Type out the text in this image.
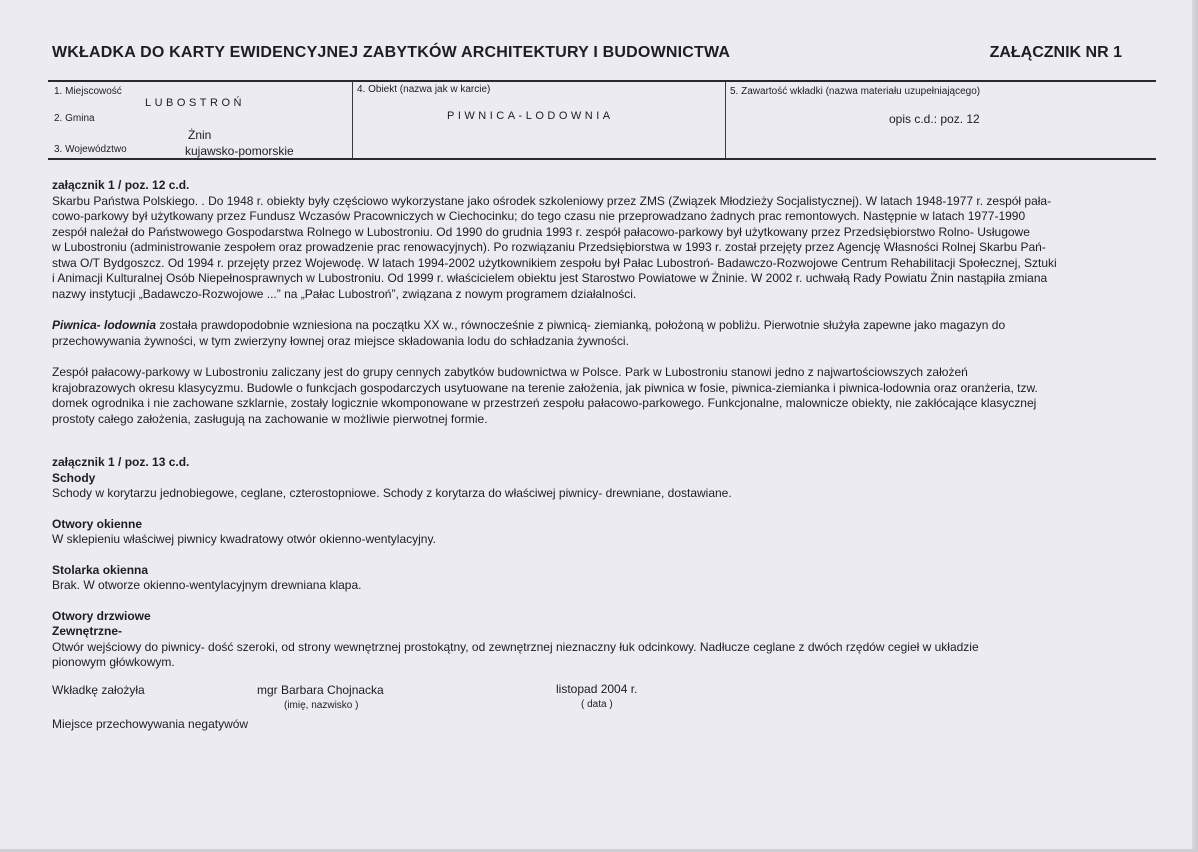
WKŁADKA DO KARTY EWIDENCYJNEJ ZABYTKÓW ARCHITEKTURY I BUDOWNICTWA	ZAŁĄCZNIK NR 1
1. Miejscowość
LUBOSTROŃ
2. Gmina
Żnin
3. Województwo	kujawsko-pomorskie
4. Obiekt (nazwa jak w karcie)
PIWNICA-LODOWNIA
5. Zawartość wkładki (nazwa materiału uzupełniającego)
opis c.d.: poz. 12

załącznik 1 / poz. 12 c.d.

Skarbu Państwa Polskiego. . Do 1948 r. obiekty były częściowo wykorzystane jako ośrodek szkoleniowy przez ZMS (Związek Młodzieży Socjalistycznej). W latach 1948-1977 r. zespół pała-

cowo-parkowy był użytkowany przez Fundusz Wczasów Pracowniczych w Ciechocinku; do tego czasu nie przeprowadzano żadnych prac remontowych. Następnie w latach 1977-1990

zespół należał do Państwowego Gospodarstwa Rolnego w Lubostroniu. Od 1990 do grudnia 1993 r. zespół pałacowo-parkowy był użytkowany przez Przedsiębiorstwo Rolno- Usługowe

w Lubostroniu (administrowanie zespołem oraz prowadzenie prac renowacyjnych). Po rozwiązaniu Przedsiębiorstwa w 1993 r. został przejęty przez Agencję Własności Rolnej Skarbu Pań-

stwa O/T Bydgoszcz. Od 1994 r. przejęty przez Wojewodę. W latach 1994-2002 użytkownikiem zespołu był Pałac Lubostroń- Badawczo-Rozwojowe Centrum Rehabilitacji Społecznej, Sztuki

i Animacji Kulturalnej Osób Niepełnosprawnych w Lubostroniu. Od 1999 r. właścicielem obiektu jest Starostwo Powiatowe w Żninie. W 2002 r. uchwałą Rady Powiatu Żnin nastąpiła zmiana

nazwy instytucji „Badawczo-Rozwojowe ...” na „Pałac Lubostroń”, związana z nowym programem działalności.

Piwnica- lodownia została prawdopodobnie wzniesiona na początku XX w., równocześnie z piwnicą- ziemianką, położoną w pobliżu. Pierwotnie służyła zapewne jako magazyn do

przechowywania żywności, w tym zwierzyny łownej oraz miejsce składowania lodu do schładzania żywności.

Zespół pałacowy-parkowy w Lubostroniu zaliczany jest do grupy cennych zabytków budownictwa w Polsce. Park w Lubostroniu stanowi jedno z najwartościowszych założeń

krajobrazowych okresu klasycyzmu. Budowle o funkcjach gospodarczych usytuowane na terenie założenia, jak piwnica w fosie, piwnica-ziemianka i piwnica-lodownia oraz oranżeria, tzw.

domek ogrodnika i nie zachowane szklarnie, zostały logicznie wkomponowane w przestrzeń zespołu pałacowo-parkowego. Funkcjonalne, malownicze obiekty, nie zakłócające klasycznej

prostoty całego założenia, zasługują na zachowanie w możliwie pierwotnej formie.

załącznik 1 / poz. 13 c.d.

Schody

Schody w korytarzu jednobiegowe, ceglane, czterostopniowe. Schody z korytarza do właściwej piwnicy- drewniane, dostawiane.

Otwory okienne

W sklepieniu właściwej piwnicy kwadratowy otwór okienno-wentylacyjny.

Stolarka okienna

Brak. W otworze okienno-wentylacyjnym drewniana klapa.

Otwory drzwiowe

Zewnętrzne-

Otwór wejściowy do piwnicy- dość szeroki, od strony wewnętrznej prostokątny, od zewnętrznej nieznaczny łuk odcinkowy. Nadłucze ceglane z dwóch rzędów cegieł w układzie

pionowym główkowym.

Wkładkę założyła	mgr Barbara Chojnacka
(imię, nazwisko )
listopad 2004 r.
( data )
Miejsce przechowywania negatywów
